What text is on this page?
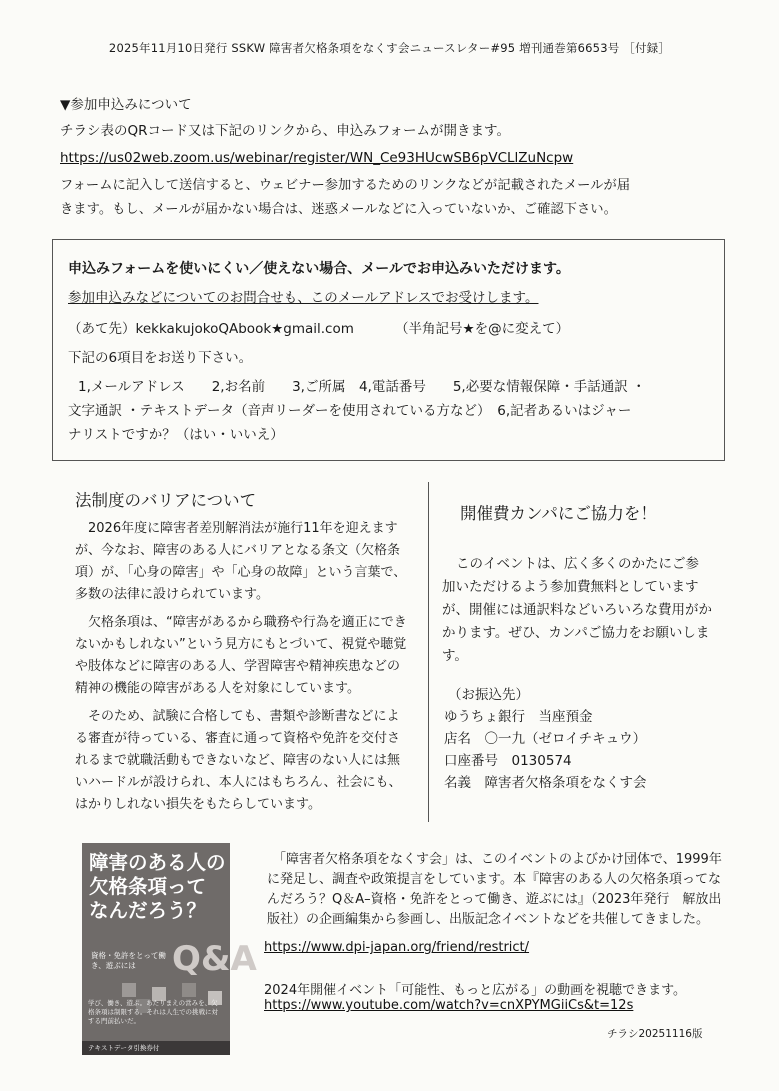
2025年11月10日発行 SSKW 障害者欠格条項をなくす会ニュースレター#95 増刊通巻第6653号 ［付録］
▼参加申込みについて
チラシ表のQRコード又は下記のリンクから、申込みフォームが開きます。
https://us02web.zoom.us/webinar/register/WN_Ce93HUcwSB6pVCLlZuNcpw
フォームに記入して送信すると、ウェビナー参加するためのリンクなどが記載されたメールが届
きます。もし、メールが届かない場合は、迷惑メールなどに入っていないか、ご確認下さい。
申込みフォームを使いにくい／使えない場合、メールでお申込みいただけます。
参加申込みなどについてのお問合せも、このメールアドレスでお受けします。
（あて先）kekkakujokoQAbook★gmail.com	（半角記号★を@に変えて）
下記の6項目をお送り下さい。
1,メールアドレス　　2,お名前　　3,ご所属　4,電話番号　　5,必要な情報保障・手話通訳 ・
文字通訳 ・テキストデータ（音声リーダーを使用されている方など）　6,記者あるいはジャー
ナリストですか？（はい・いいえ）
法制度のバリアについて

2026年度に障害者差別解消法が施行11年を迎えますが、今なお、障害のある人にバリアとなる条文（欠格条項）が、「心身の障害」や「心身の故障」という言葉で、多数の法律に設けられています。

欠格条項は、“障害があるから職務や行為を適正にできないかもしれない”という見方にもとづいて、視覚や聴覚や肢体などに障害のある人、学習障害や精神疾患などの精神の機能の障害がある人を対象にしています。

そのため、試験に合格しても、書類や診断書などによる審査が待っている、審査に通って資格や免許を交付されるまで就職活動もできないなど、障害のない人には無いハードルが設けられ、本人にはもちろん、社会にも、はかりしれない損失をもたらしています。

開催費カンパにご協力を！
このイベントは、広く多くのかたにご参加いただけるよう参加費無料としていますが、開催には通訳料などいろいろな費用がかかります。ぜひ、カンパご協力をお願いします。
（お振込先）
ゆうちょ銀行　当座預金
店名　〇一九（ゼロイチキュウ）
口座番号　0130574
名義　障害者欠格条項をなくす会
障害のある人の
欠格条項って
なんだろう？
資格・免許をとって働き、遊ぶには	Q&A
学び、働き、遊ぶ。あたりまえの営みを、欠格条項は制限する。それは人生での挑戦に対する門前払いだ。
テキストデータ引換券付
「障害者欠格条項をなくす会」は、このイベントのよびかけ団体で、1999年に発足し、調査や政策提言をしています。本『障害のある人の欠格条項ってなんだろう？Q＆A–資格・免許をとって働き、遊ぶには』（2023年発行　解放出版社）の企画編集から参画し、出版記念イベントなどを共催してきました。
https://www.dpi-japan.org/friend/restrict/
2024年開催イベント「可能性、もっと広がる」の動画を視聴できます。
https://www.youtube.com/watch?v=cnXPYMGiiCs&t=12s
チラシ20251116版
